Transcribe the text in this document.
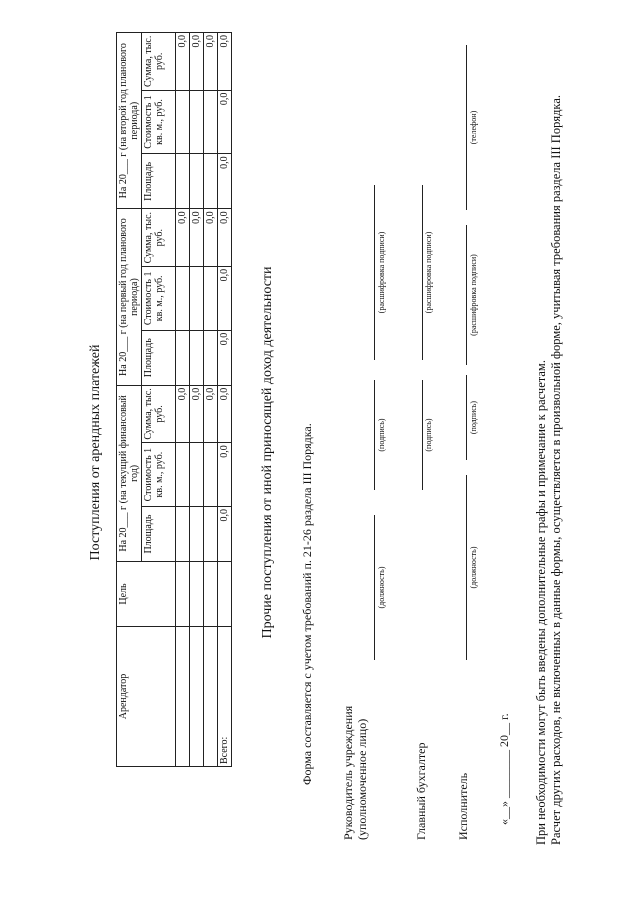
Поступления от арендных платежей
Арендатор	Цель	На 20___ г (на текущий финансовый год)			На 20___ г (на первый год планового периода)			На 20___ г (на второй год планового периода)		
		Площадь	Стоимость 1 кв. м., руб.	Сумма, тыс. руб.	Площадь	Стоимость 1 кв. м., руб.	Сумма, тыс. руб.	Площадь	Стоимость 1 кв. м., руб.	Сумма, тыс. руб.
				0,0			0,0			0,0
				0,0			0,0			0,0
				0,0			0,0			0,0
Всего:		0,0	0,0	0,0	0,0	0,0	0,0	0,0	0,0	0,0
Прочие поступления от иной приносящей доход деятельности Форма составляется с учетом требований п. 21-26 раздела III Порядка. Руководитель учреждения (уполномоченное лицо)
(должность)
(подпись)
(расшифровка подписи)
Главный бухгалтер
(подпись)
(расшифровка подписи)
Исполнитель
(должность)
(подпись)
(расшифровка подписи)
(телефон)
«__» ________ 20__ г. При необходимости могут быть введены дополнительные графы и примечание к расчетам. Расчет других расходов, не включенных в данные формы, осуществляется в произвольной форме, учитывая требования раздела III Порядка.
